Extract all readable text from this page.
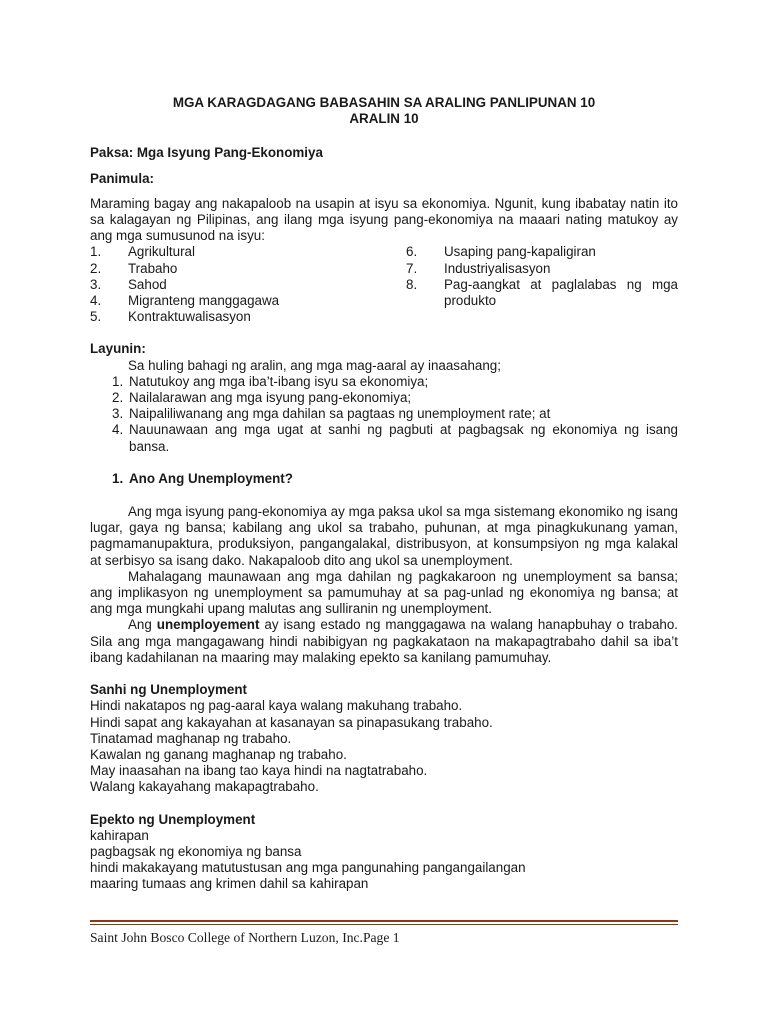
MGA KARAGDAGANG BABASAHIN SA ARALING PANLIPUNAN 10
ARALIN 10
Paksa: Mga Isyung Pang-Ekonomiya
Panimula:
Maraming bagay ang nakapaloob na usapin at isyu sa ekonomiya. Ngunit, kung ibabatay natin ito sa kalagayan ng Pilipinas, ang ilang mga isyung pang-ekonomiya na maaari nating matukoy ay ang mga sumusunod na isyu:
1.	Agrikultural
2.	Trabaho
3.	Sahod
4.	Migranteng manggagawa
5.	Kontraktuwalisasyon
6.	Usaping pang-kapaligiran
7.	Industriyalisasyon
8.	Pag-aangkat at paglalabas ng mga produkto
Layunin:
Sa huling bahagi ng aralin, ang mga mag-aaral ay inaasahang;
1. Natutukoy ang mga iba’t-ibang isyu sa ekonomiya;
2. Nailalarawan ang mga isyung pang-ekonomiya;
3. Naipaliliwanang ang mga dahilan sa pagtaas ng unemployment rate; at
4. Nauunawaan ang mga ugat at sanhi ng pagbuti at pagbagsak ng ekonomiya ng isang bansa.
1. Ano Ang Unemployment?
Ang mga isyung pang-ekonomiya ay mga paksa ukol sa mga sistemang ekonomiko ng isang lugar, gaya ng bansa; kabilang ang ukol sa trabaho, puhunan, at mga pinagkukunang yaman, pagmamanupaktura, produksiyon, pangangalakal, distribusyon, at konsumpsiyon ng mga kalakal at serbisyo sa isang dako. Nakapaloob dito ang ukol sa unemployment.
Mahalagang maunawaan ang mga dahilan ng pagkakaroon ng unemployment sa bansa; ang implikasyon ng unemployment sa pamumuhay at sa pag-unlad ng ekonomiya ng bansa; at ang mga mungkahi upang malutas ang sulliranin ng unemployment.
Ang unemployement ay isang estado ng manggagawa na walang hanapbuhay o trabaho. Sila ang mga mangagawang hindi nabibigyan ng pagkakataon na makapagtrabaho dahil sa iba’t ibang kadahilanan na maaring may malaking epekto sa kanilang pamumuhay.
Sanhi ng Unemployment
Hindi nakatapos ng pag-aaral kaya walang makuhang trabaho.
Hindi sapat ang kakayahan at kasanayan sa pinapasukang trabaho.
Tinatamad maghanap ng trabaho.
Kawalan ng ganang maghanap ng trabaho.
May inaasahan na ibang tao kaya hindi na nagtatrabaho.
Walang kakayahang makapagtrabaho.
Epekto ng Unemployment
kahirapan
pagbagsak ng ekonomiya ng bansa
hindi makakayang matutustusan ang mga pangunahing pangangailangan
maaring tumaas ang krimen dahil sa kahirapan
Saint John Bosco College of Northern Luzon, Inc.Page 1
